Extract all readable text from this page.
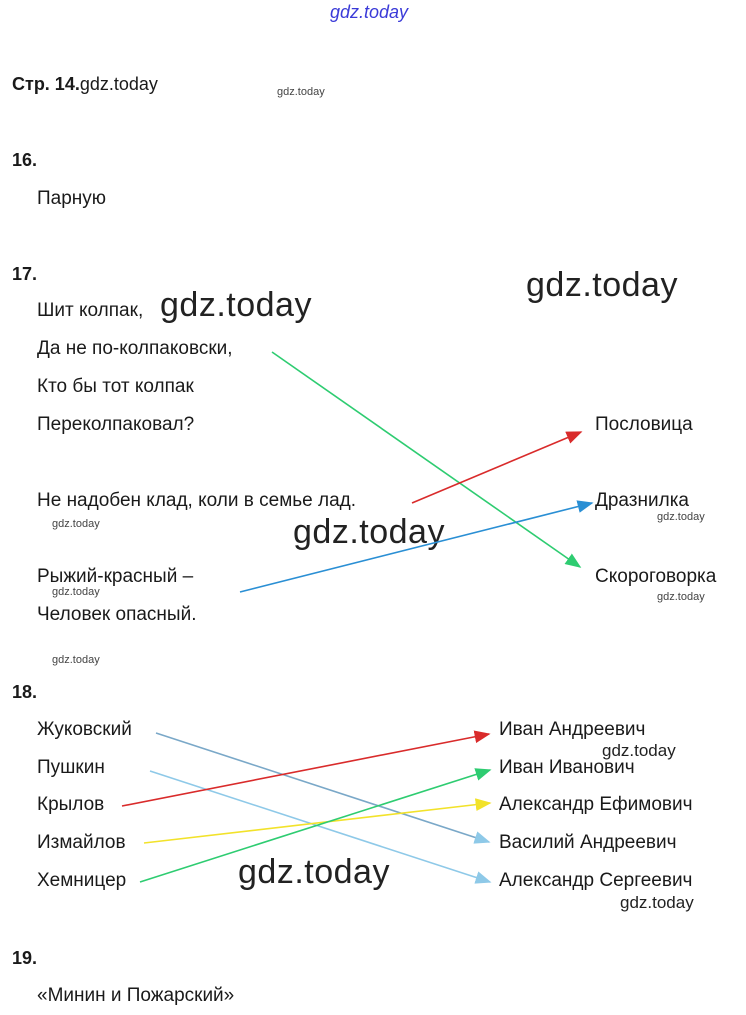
gdz.today
Стр. 14.gdz.today	gdz.today
16.
Парную
17.
Шит колпак,
Да не по-колпаковски,
Кто бы тот колпак
Переколпаковал?
Не надобен клад, коли в семье лад.
Рыжий-красный –
Человек опасный.
Пословица
Дразнилка
Скороговорка
gdz.today
gdz.today
gdz.today
gdz.today
gdz.today
gdz.today	gdz.today
gdz.today
18.
Жуковский
Пушкин
Крылов
Измайлов
Хемницер
Иван Андреевич
Иван Иванович
Александр Ефимович
Василий Андреевич
Александр Сергеевич
gdz.today
gdz.today
gdz.today
19.
«Минин и Пожарский»
